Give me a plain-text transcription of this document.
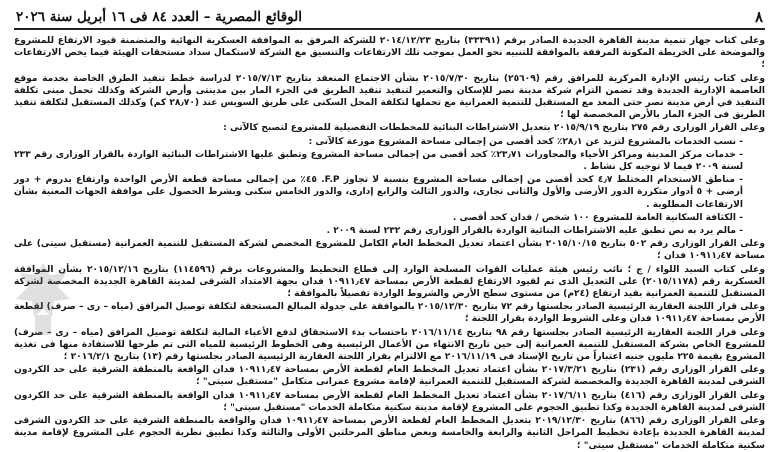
٨
الوقائع المصرية – العدد ٨٤ فى ١٦ أبريل سنة ٢٠٢٦

وعلى كتاب جهاز تنمية مدينة القاهرة الجديدة الصادر برقم (٣٣٣٩١) بتاريخ ٢٠١٤/١٢/٢٣ للشركة المرفق به الموافقة العسكرية النهائية والمتضمنة قيود الارتفاع للمشروع والموضحة على الخريطة المكونة المرفقة بالموافقة للتنبيه نحو العمل بموجب تلك الارتفاعات والتنسيق مع الشركة لاستكمال سداد مستحقات الهيئة فيما يخص الارتفاعات ؛

وعلى كتاب رئيس الإدارة المركزية للمرافق رقم (٢٥٦٠٩) بتاريخ ٢٠١٥/٧/٣٠ بشأن الاجتماع المنعقد بتاريخ ٢٠١٥/٧/١٣ لدراسة خطط تنفيذ الطرق الخاصة بخدمة موقع العاصمة الإدارية الجديدة وقد تضمن التزام شركة مدينة نصر للإسكان والتعمير لتنفيذ تنفيذ الطريق في الجزء المار بين مدينتى وأرض الشركة وكذلك تحمل مبنى تكلفة التنفيذ في أرض مدينة نصر حتى المعد مع المستقبل للتنمية العمرانية مع تحملها لتكلفة المحل السكنى على طريق السويس عند (٢٨٫٧٠ كم) وكذلك المستقبل لتكلفة تنفيذ الطريق فى الجزء المار بالأرض المخصصة لها ؛

وعلى القرار الوزارى رقم ٢٧٥ بتاريخ ٢٠١٥/٩/١٩ بتعديل الاشتراطات البنائية للمخططات التفصيلية للمشروع لتصبح كالآتى :

- نسب الخدمات بالمشروع لتزيد عن ٢٨٫١٪ كحد أقصى من إجمالى مساحة المشروع موزعة كالآتى :

- خدمات مركز المدينة ومراكز الأحياء والمجاورات ٢٣٫٧١٪ كحد أقصى من إجمالى مساحة المشروع وتطبق عليها الاشتراطات البنائية الواردة بالقرار الوزارى رقم ٢٣٣ لسنة ٢٠٠٩ فيما لا توجيه كل نشاط .

- مناطق الاستخدام المختلط ٤٫٧ كحد أقصى من إجمالى مساحة المشروع بنسبة لا تجاوز F.P. ٤٥٪ من إجمالى مساحة قطعة الأرض الواحدة وارتفاع بدروم + دور أرضى + ٥ أدوار متكررة الدور الأرضى والأول والثانى تجارى، والدور الثالث والرابع إدارى، والدور الخامس سكنى وبشرط الحصول على موافقة الجهات المعنية بشأن الارتفاعات المطلوبة .

- الكثافة السكانية العامة للمشروع ١٠٠ شخص / فدان كحد أقصى .

- مالم يرد به نص تطبق عليه الاشتراطات البنائية الواردة بالقرار الوزارى رقم ٢٣٢ لسنة ٢٠٠٩ .

وعلى القرار الوزارى رقم ٥٠٢ بتاريخ ٢٠١٥/١٠/١٥ بشأن اعتماد تعديل المخطط العام الكامل للمشروع المخصص لشركة المستقبل للتنمية العمرانية (مستقبل سيتى) على مساحة ١٠٩١١٫٤٧ فدان ؛

وعلى كتاب السيد اللواء / ج ؛ نائب رئيس هيئة عمليات القوات المسلحة الوارد إلى قطاع التخطيط والمشروعات برقم (١١٤٥٩٦) بتاريخ ٢٠١٥/١٢/١٦ بشأن الموافقة العسكرية رقم (٢٠١٥/١١٧٨) على التعديل الذى تم لقيود الارتفاع لقطعة الأرض بمساحة ١٠٩١١٫٤٧ فدان بجهة الامتداد الشرقى لمدينة القاهرة الجديدة المخصصة لشركة المستقبل للتنمية العمرانية بقيد ارتفاع (٢٤م) من مستوى سطح الأرض والشروط الواردة تفصيلاً بالموافقة ؛

وعلى قرار اللجنة العقارية الرئيسية الصادر بجلستها رقم ٧٢ بتاريخ ٢٠١٥/١٢/٣٠ بالموافقة على جدولة المبالغ المستحقة لتكلفة توصيل المرافق (مياه – رى – صرف) لقطعة الأرض بمساحة ١٠٩١١٫٤٧ فدان وعلى الشروط الواردة بقرار اللجنة ؛

وعلى قرار اللجنة العقارية الرئيسية الصادر بجلستها رقم ٩٨ بتاريخ ٢٠١٦/١١/١٤ باحتساب بدء الاستحقاق لدفع الأعباء المالية لتكلفة توصيل المرافق (مياه – رى – صرف) للمشروع الخاص بشركة المستقبل للتنمية العمرانية إلى حين تاريخ الانتهاء من الأعمال الرئيسية وهى الخطوط الرئيسية للمياه التى تم طرحها للاستفادة منها فى تغذية المشروع بقيمة ٢٢٥ مليون جنيه اعتباراً من تاريخ الإسناد فى ٢٠١٦/١١/١٩ مع الالتزام بقرار اللجنة العقارية الرئيسية الصادر بجلستها رقم (١٣) بتاريخ ٢٠١٦/٢/١ ؛

وعلى القرار الوزارى رقم (٢٣١) بتاريخ ٢٠١٧/٣/٢١ بشأن اعتماد تعديل المخطط العام لقطعة الأرض بمساحة ١٠٩١١٫٤٧ فدان الواقعة بالمنطقة الشرقية على حد الكردون الشرقى لمدينة القاهرة الجديدة والمخصصة لشركة المستقبل للتنمية العمرانية لإقامة مشروع عمرانى متكامل "مستقبل سيتى" ؛

وعلى القرار الوزارى رقم (٤١٦) بتاريخ ٢٠١٧/٦/١١ بشأن اعتماد تعديل المخطط العام لقطعة الأرض بمساحة ١٠٩١١٫٤٧ فدان الواقعة بالمنطقة الشرقية على حد الكردون الشرقى لمدينة القاهرة الجديدة وكذا تطبيق الحجوم على المشروع لإقامة مدينة سكنية متكاملة الخدمات "مستقبل سيتى" ؛

وعلى القرار الوزارى رقم (٨٦٦) بتاريخ ٢٠١٩/١٢/٣٠ بتعديل المخطط العام لقطعة الأرض بمساحة ١٠٩١١٫٤٧ فدان والواقعة بالمنطقة الشرقية على حد الكردون الشرقى لمدينة القاهرة الجديدة بإعادة تخطيط المراحل الثانية والرابعة والخامسة وبعض مناطق المرحلتين الأولى والثالثة وكذا تطبيق نظرية الحجوم على المشروع لإقامة مدينة سكنية متكاملة الخدمات "مستقبل سيتى" ؛
